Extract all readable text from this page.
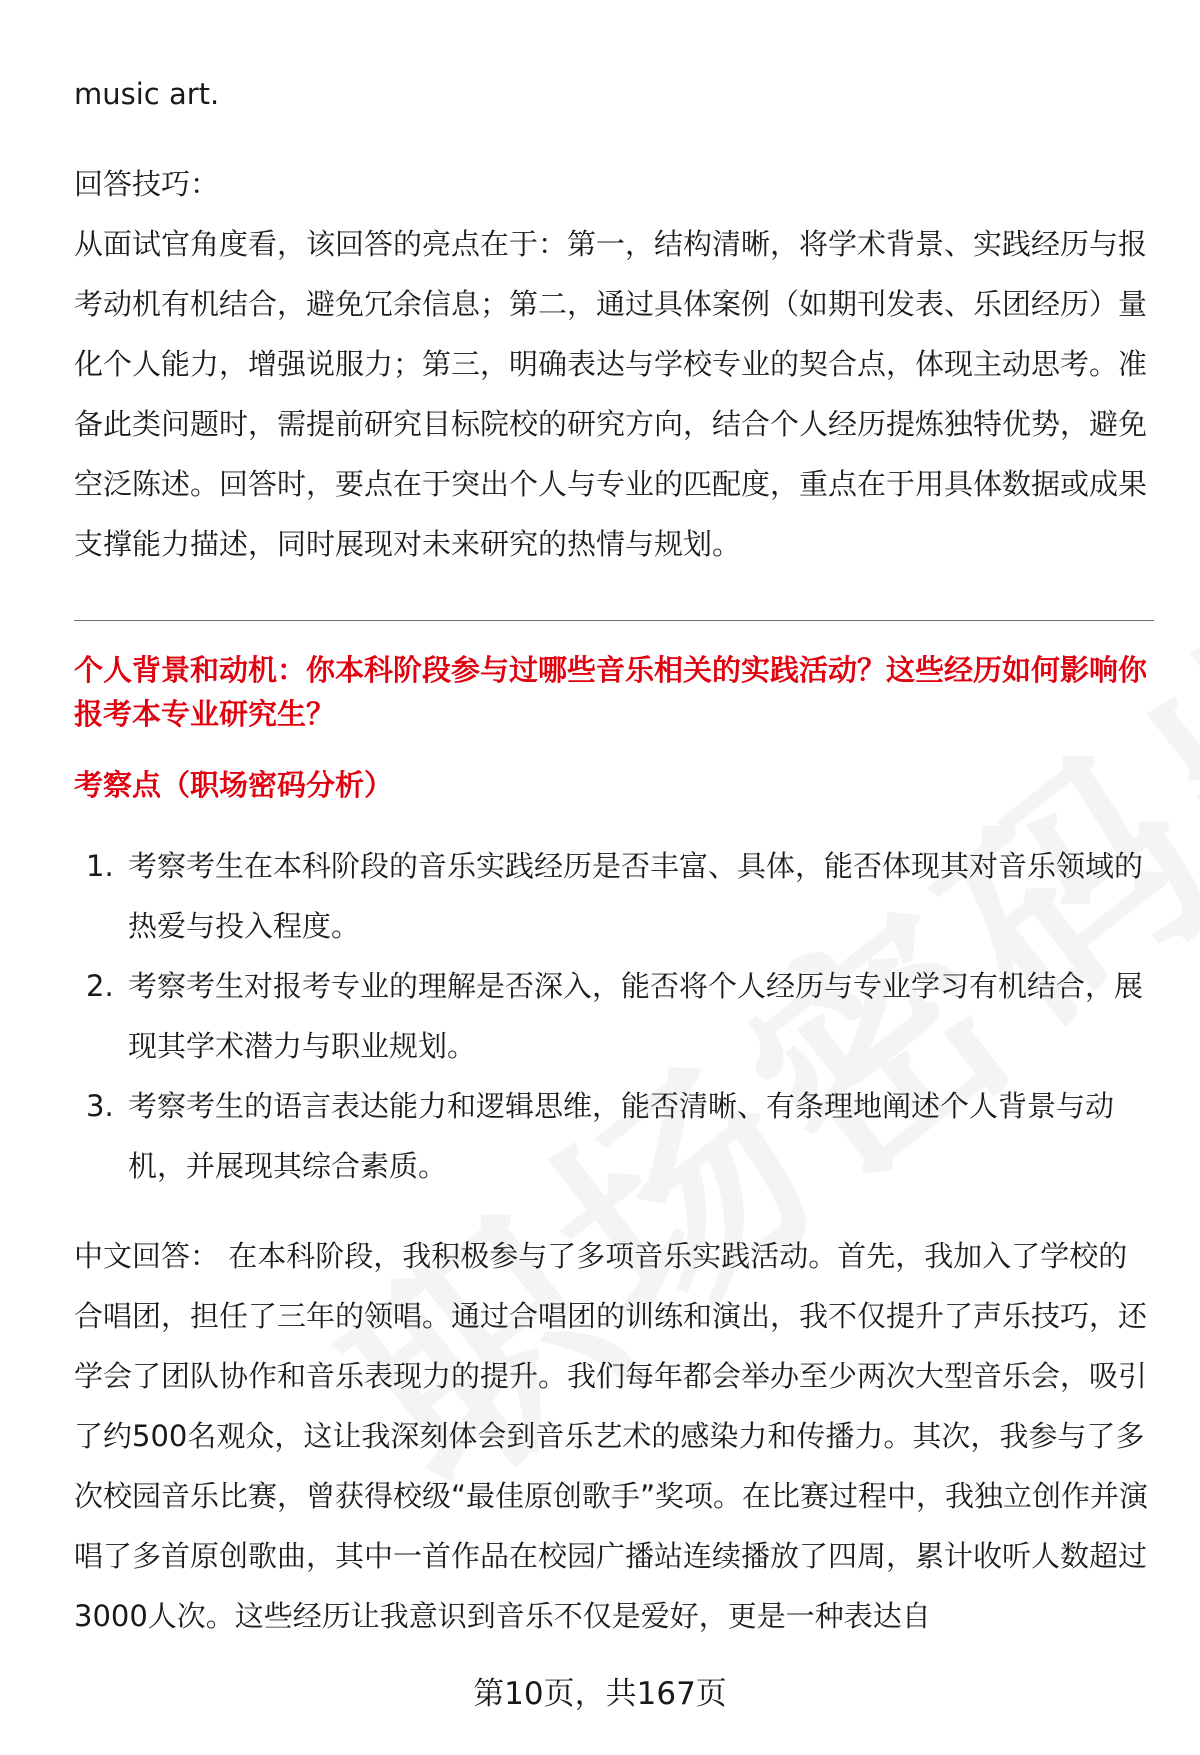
music art.

回答技巧：

从面试官角度看，该回答的亮点在于：第一，结构清晰，将学术背景、实践经历与报考动机有机结合，避免冗余信息；第二，通过具体案例（如期刊发表、乐团经历）量化个人能力，增强说服力；第三，明确表达与学校专业的契合点，体现主动思考。准备此类问题时，需提前研究目标院校的研究方向，结合个人经历提炼独特优势，避免空泛陈述。回答时，要点在于突出个人与专业的匹配度，重点在于用具体数据或成果支撑能力描述，同时展现对未来研究的热情与规划。

个人背景和动机：你本科阶段参与过哪些音乐相关的实践活动？这些经历如何影响你报考本专业研究生？

考察点（职场密码分析）

1. 考察考生在本科阶段的音乐实践经历是否丰富、具体，能否体现其对音乐领域的热爱与投入程度。
2. 考察考生对报考专业的理解是否深入，能否将个人经历与专业学习有机结合，展现其学术潜力与职业规划。
3. 考察考生的语言表达能力和逻辑思维，能否清晰、有条理地阐述个人背景与动机，并展现其综合素质。

中文回答： 在本科阶段，我积极参与了多项音乐实践活动。首先，我加入了学校的合唱团，担任了三年的领唱。通过合唱团的训练和演出，我不仅提升了声乐技巧，还学会了团队协作和音乐表现力的提升。我们每年都会举办至少两次大型音乐会，吸引了约500名观众，这让我深刻体会到音乐艺术的感染力和传播力。其次，我参与了多次校园音乐比赛，曾获得校级“最佳原创歌手”奖项。在比赛过程中，我独立创作并演唱了多首原创歌曲，其中一首作品在校园广播站连续播放了四周，累计收听人数超过3000人次。这些经历让我意识到音乐不仅是爱好，更是一种表达自

第10页，共167页
